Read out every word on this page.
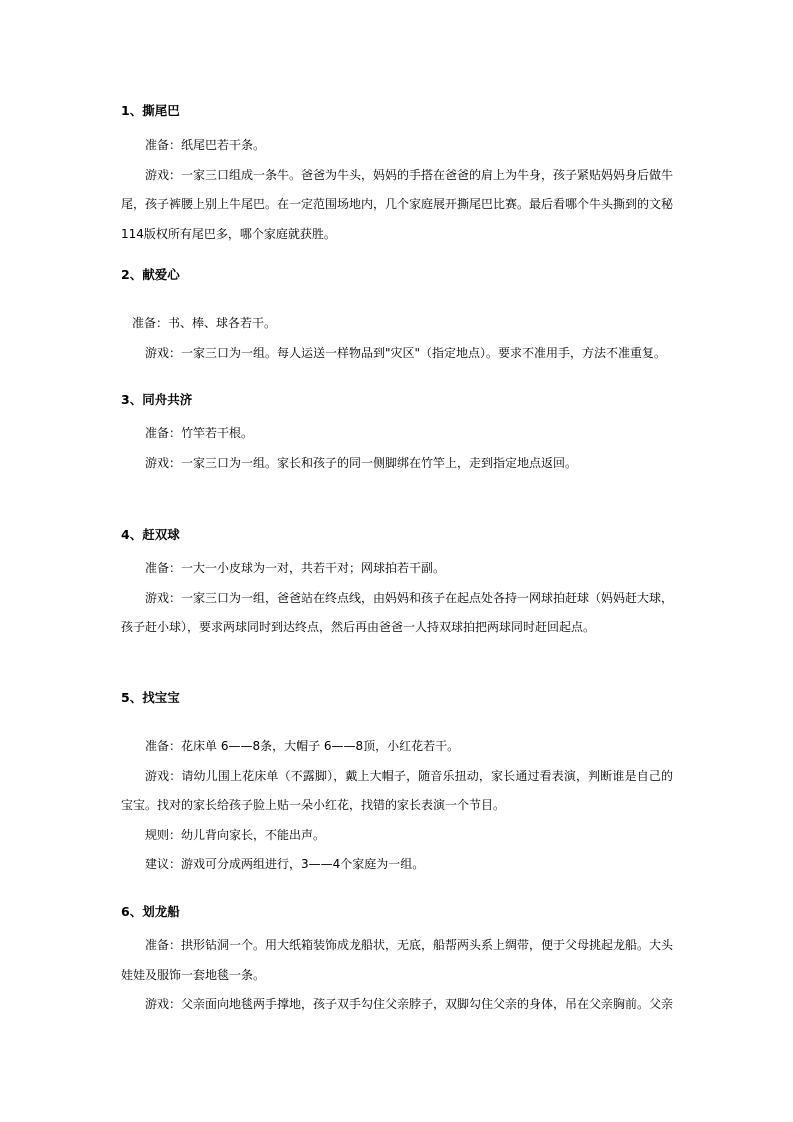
1、撕尾巴

准备：纸尾巴若干条。

游戏：一家三口组成一条牛。爸爸为牛头，妈妈的手搭在爸爸的肩上为牛身，孩子紧贴妈妈身后做牛尾，孩子裤腰上别上牛尾巴。在一定范围场地内，几个家庭展开撕尾巴比赛。最后看哪个牛头撕到的文秘114版权所有尾巴多，哪个家庭就获胜。

2、献爱心

准备：书、棒、球各若干。

游戏：一家三口为一组。每人运送一样物品到"灾区"（指定地点）。要求不准用手，方法不准重复。

3、同舟共济

准备：竹竿若干根。

游戏：一家三口为一组。家长和孩子的同一侧脚绑在竹竿上，走到指定地点返回。

4、赶双球

准备：一大一小皮球为一对，共若干对；网球拍若干副。

游戏：一家三口为一组，爸爸站在终点线，由妈妈和孩子在起点处各持一网球拍赶球（妈妈赶大球，孩子赶小球），要求两球同时到达终点，然后再由爸爸一人持双球拍把两球同时赶回起点。

5、找宝宝

准备：花床单 6——8条，大帽子 6——8顶，小红花若干。

游戏：请幼儿围上花床单（不露脚），戴上大帽子，随音乐扭动，家长通过看表演，判断谁是自己的宝宝。找对的家长给孩子脸上贴一朵小红花，找错的家长表演一个节目。

规则：幼儿背向家长，不能出声。

建议：游戏可分成两组进行，3——4个家庭为一组。

6、划龙船

准备：拱形钻洞一个。用大纸箱装饰成龙船状，无底，船帮两头系上绸带，便于父母挑起龙船。大头娃娃及服饰一套地毯一条。

游戏：父亲面向地毯两手撑地，孩子双手勾住父亲脖子，双脚勾住父亲的身体，吊在父亲胸前。父亲
